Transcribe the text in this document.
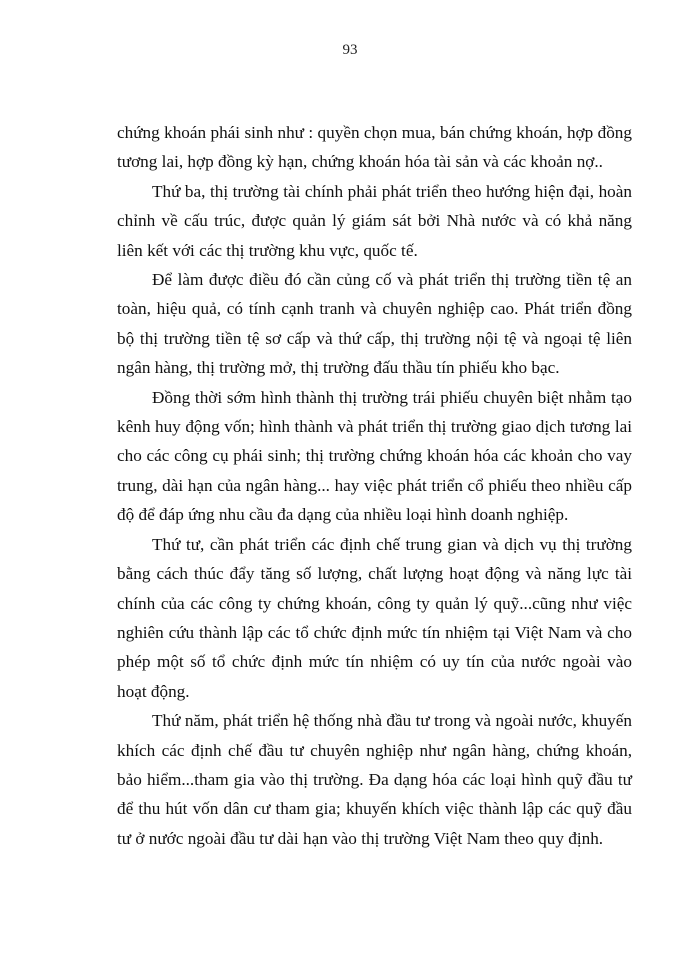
93

chứng khoán phái sinh như : quyền chọn mua, bán chứng khoán, hợp đồng tương lai, hợp đồng kỳ hạn, chứng khoán hóa tài sản và các khoản nợ..

Thứ ba, thị trường tài chính phải phát triển theo hướng hiện đại, hoàn chỉnh về cấu trúc, được quản lý giám sát bởi Nhà nước và có khả năng liên kết với các thị trường khu vực, quốc tế.

Để làm được điều đó cần củng cố và phát triển thị trường tiền tệ an toàn, hiệu quả, có tính cạnh tranh và chuyên nghiệp cao. Phát triển đồng bộ thị trường tiền tệ sơ cấp và thứ cấp, thị trường nội tệ và ngoại tệ liên ngân hàng, thị trường mở, thị trường đấu thầu tín phiếu kho bạc.

Đồng thời sớm hình thành thị trường trái phiếu chuyên biệt nhằm tạo kênh huy động vốn; hình thành và phát triển thị trường giao dịch tương lai cho các công cụ phái sinh; thị trường chứng khoán hóa các khoản cho vay trung, dài hạn của ngân hàng... hay việc phát triển cổ phiếu theo nhiều cấp độ để đáp ứng nhu cầu đa dạng của nhiều loại hình doanh nghiệp.

Thứ tư, cần phát triển các định chế trung gian và dịch vụ thị trường bằng cách thúc đẩy tăng số lượng, chất lượng hoạt động và năng lực tài chính của các công ty chứng khoán, công ty quản lý quỹ...cũng như việc nghiên cứu thành lập các tổ chức định mức tín nhiệm tại Việt Nam và cho phép một số tổ chức định mức tín nhiệm có uy tín của nước ngoài vào hoạt động.

Thứ năm, phát triển hệ thống nhà đầu tư trong và ngoài nước, khuyến khích các định chế đầu tư chuyên nghiệp như ngân hàng, chứng khoán, bảo hiểm...tham gia vào thị trường. Đa dạng hóa các loại hình quỹ đầu tư để thu hút vốn dân cư tham gia; khuyến khích việc thành lập các quỹ đầu tư ở nước ngoài đầu tư dài hạn vào thị trường Việt Nam theo quy định.
